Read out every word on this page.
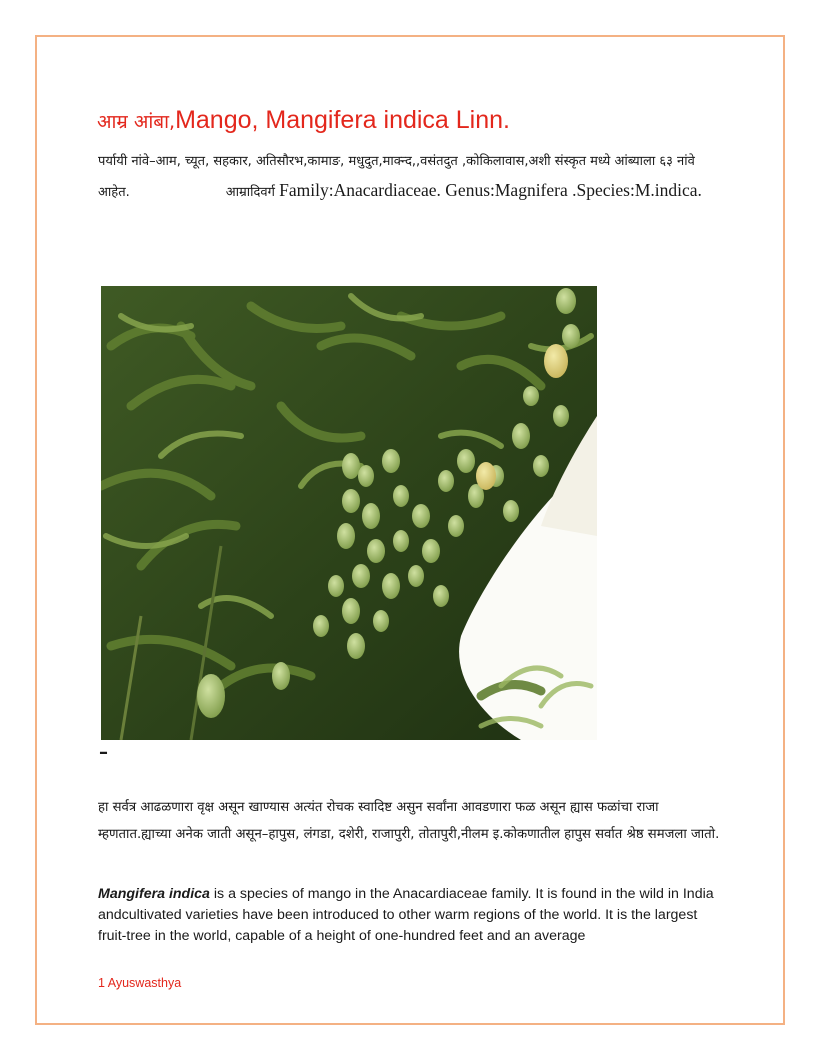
आम्र आंबा,Mango, Mangifera indica Linn.
पर्यायी नांवे–आम, च्यूत, सहकार, अतिसौरभ,कामाङ, मधुदुत,माक्न्द,,वसंतदुत ,कोकिलावास,अशी संस्कृत मध्ये आंब्याला ६३ नांवे आहेत.	आम्रादिवर्ग Family:Anacardiaceae. Genus:Magnifera .Species:M.indica.
–

हा सर्वत्र आढळणारा वृक्ष असून खाण्यास अत्यंत रोचक स्वादिष्ट असुन सर्वांना आवडणारा फळ असून ह्यास फळांचा राजा म्हणतात.ह्याच्या अनेक जाती असून–हापुस, लंगडा, दशेरी, राजापुरी, तोतापुरी,नीलम इ.कोकणातील हापुस सर्वात श्रेष्ठ समजला जातो.

Mangifera indica is a species of mango in the Anacardiaceae family. It is found in the wild in India andcultivated varieties have been introduced to other warm regions of the world. It is the largest fruit-tree in the world, capable of a height of one-hundred feet and an average

1 Ayuswasthya
